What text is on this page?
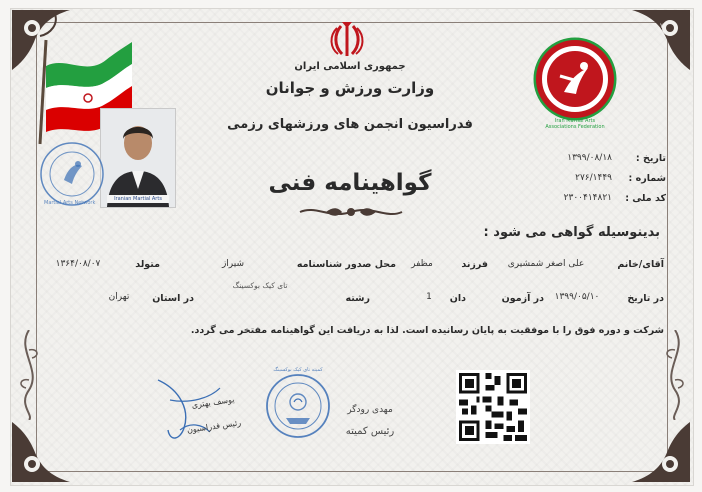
۷
جمهوری اسلامی ایران
وزارت ورزش و جوانان
فدراسیون انجمن های ورزشهای رزمی
گواهینامه فنی
Iranian Martial Arts
Martial Arts Network
Iran Martial Arts Associations Federation
تاریخ :
۱۳۹۹/۰۸/۱۸
شماره :
۲۷۶/۱۴۴۹
کد ملی :
۲۳۰۰۴۱۴۸۲۱
بدینوسیله گواهی می شود :
آقای/خانم
علی اصغر شمشیری
فرزند
مظفر
محل صدور شناسنامه
شیراز
متولد
۱۳۶۴/۰۸/۰۷
تای کیک بوکسینگ
در تاریخ
۱۳۹۹/۰۵/۱۰
در آزمون
دان
1
رشته
در استان
تهران
شرکت و دوره فوق را با موفقیت به پایان رسانیده است. لذا به دریافت این گواهینامه مفتخر می گردد.
مهدی رودگر
رئیس کمیته
کمیته تای کیک بوکسینگ
یوسف بهتری
رئیس فدراسیون
